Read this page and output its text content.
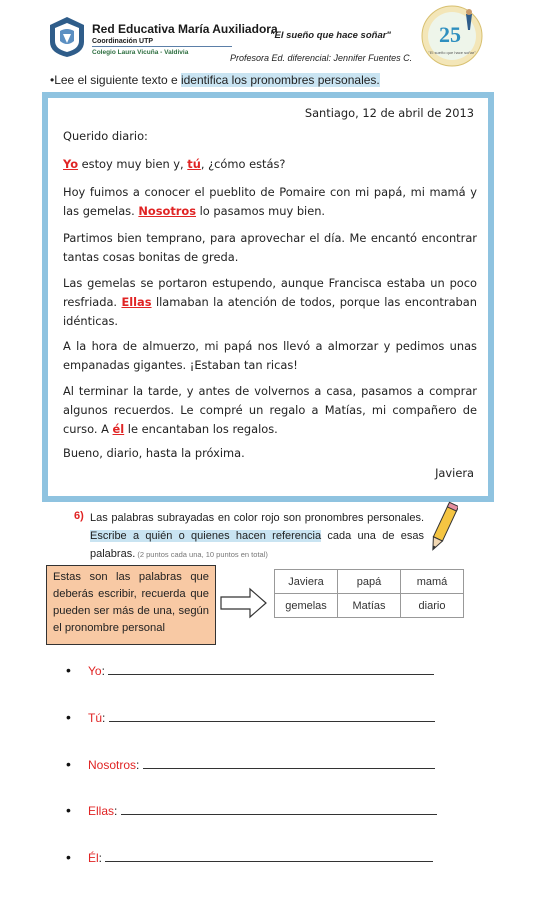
Red Educativa María Auxiliadora
Coordinación UTP
Colegio Laura Vicuña - Valdivia
"El sueño que hace soñar"
Profesora Ed. diferencial: Jennifer Fuentes C.
25
"El sueño que hace soñar"
•Lee el siguiente texto e identifica los pronombres personales.
Santiago, 12 de abril de 2013
Querido diario:
Yo estoy muy bien y, tú, ¿cómo estás?
Hoy fuimos a conocer el pueblito de Pomaire con mi papá, mi mamá y las gemelas. Nosotros lo pasamos muy bien.
Partimos bien temprano, para aprovechar el día. Me encantó encontrar tantas cosas bonitas de greda.
Las gemelas se portaron estupendo, aunque Francisca estaba un poco resfriada. Ellas llamaban la atención de todos, porque las encontraban idénticas.
A la hora de almuerzo, mi papá nos llevó a almorzar y pedimos unas empanadas gigantes. ¡Estaban tan ricas!
Al terminar la tarde, y antes de volvernos a casa, pasamos a comprar algunos recuerdos. Le compré un regalo a Matías, mi compañero de curso. A él le encantaban los regalos.
Bueno, diario, hasta la próxima.
Javiera
6) Las palabras subrayadas en color rojo son pronombres personales. Escribe a quién o quienes hacen referencia cada una de esas palabras. (2 puntos cada una, 10 puntos en total)
Estas son las palabras que deberás escribir, recuerda que pueden ser más de una, según el pronombre personal
Javiera	papá	mamá
gemelas	Matías	diario
• Yo:
• Tú:
• Nosotros:
• Ellas:
• Él:
